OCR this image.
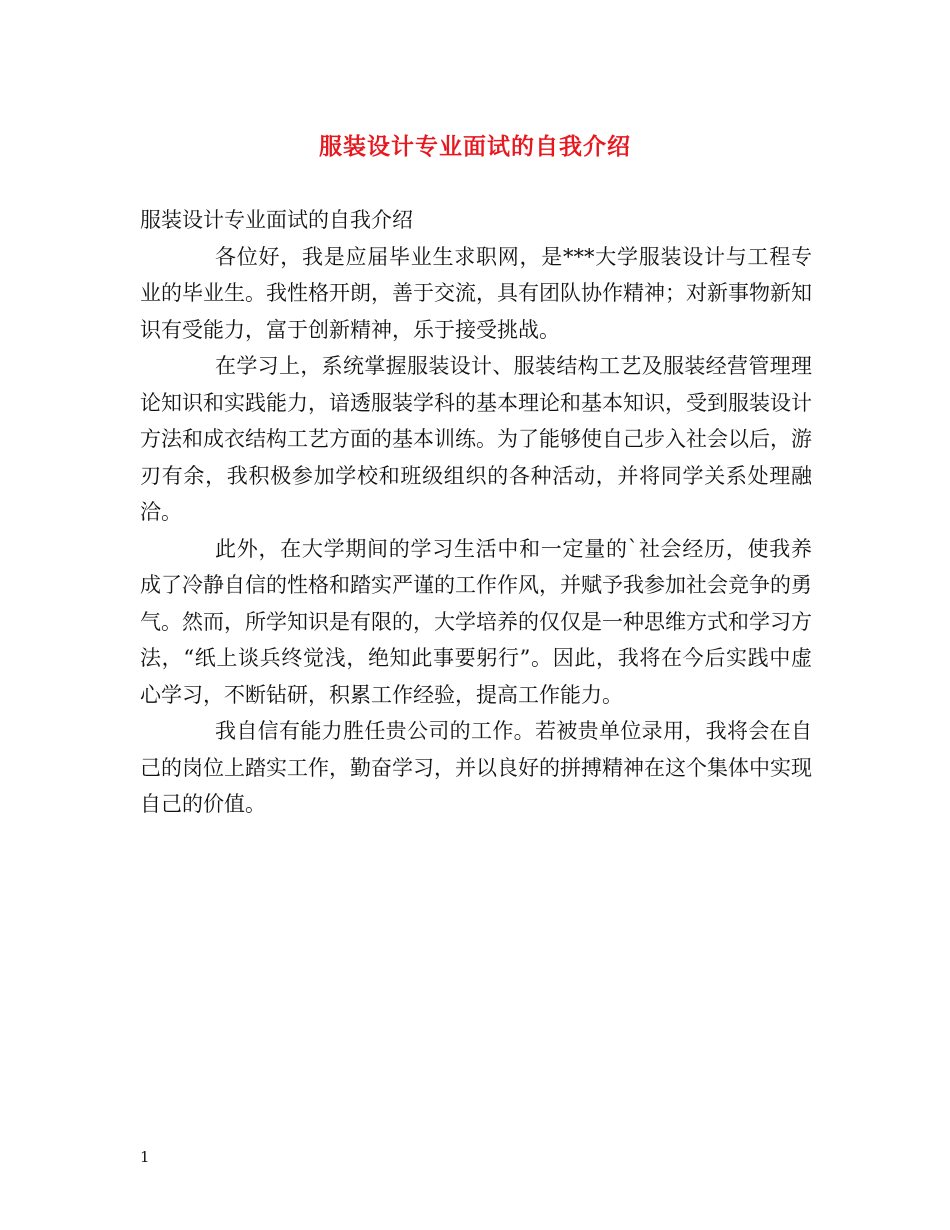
服装设计专业面试的自我介绍

服装设计专业面试的自我介绍

各位好，我是应届毕业生求职网，是***大学服装设计与工程专业的毕业生。我性格开朗，善于交流，具有团队协作精神；对新事物新知识有受能力，富于创新精神，乐于接受挑战。

在学习上，系统掌握服装设计、服装结构工艺及服装经营管理理论知识和实践能力，谙透服装学科的基本理论和基本知识，受到服装设计方法和成衣结构工艺方面的基本训练。为了能够使自己步入社会以后，游刃有余，我积极参加学校和班级组织的各种活动，并将同学关系处理融洽。

此外，在大学期间的学习生活中和一定量的`社会经历，使我养成了冷静自信的性格和踏实严谨的工作作风，并赋予我参加社会竞争的勇气。然而，所学知识是有限的，大学培养的仅仅是一种思维方式和学习方法，“纸上谈兵终觉浅，绝知此事要躬行”。因此，我将在今后实践中虚心学习，不断钻研，积累工作经验，提高工作能力。

我自信有能力胜任贵公司的工作。若被贵单位录用，我将会在自己的岗位上踏实工作，勤奋学习，并以良好的拼搏精神在这个集体中实现自己的价值。

1
